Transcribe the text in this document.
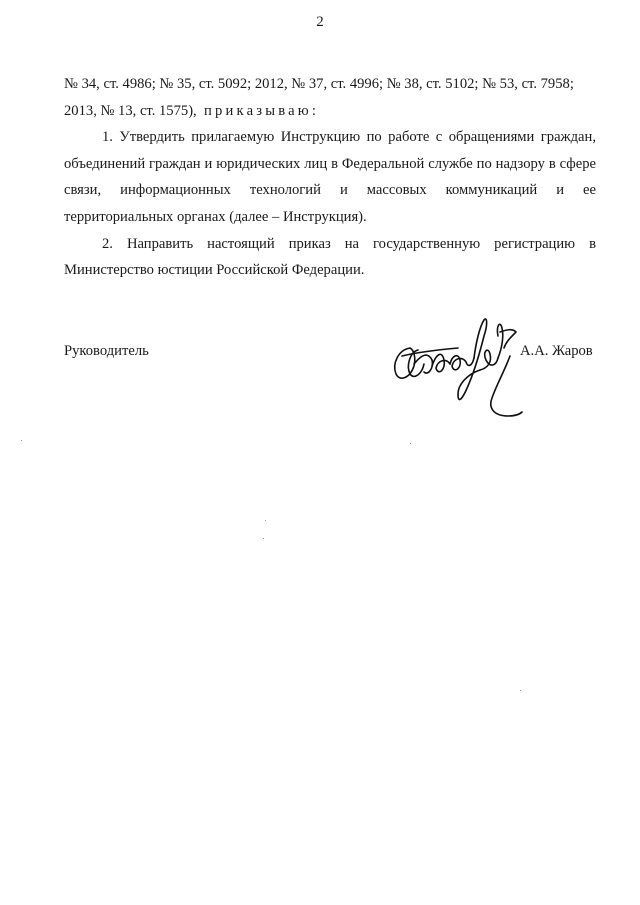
2

№ 34, ст. 4986; № 35, ст. 5092; 2012, № 37, ст. 4996; № 38, ст. 5102; № 53, ст. 7958;
2013, № 13, ст. 1575), приказываю:

1. Утвердить прилагаемую Инструкцию по работе с обращениями граждан, объединений граждан и юридических лиц в Федеральной службе по надзору в сфере связи, информационных технологий и массовых коммуникаций и ее территориальных органах (далее – Инструкция).

2. Направить настоящий приказ на государственную регистрацию в Министерство юстиции Российской Федерации.

Руководитель	А.А. Жаров
